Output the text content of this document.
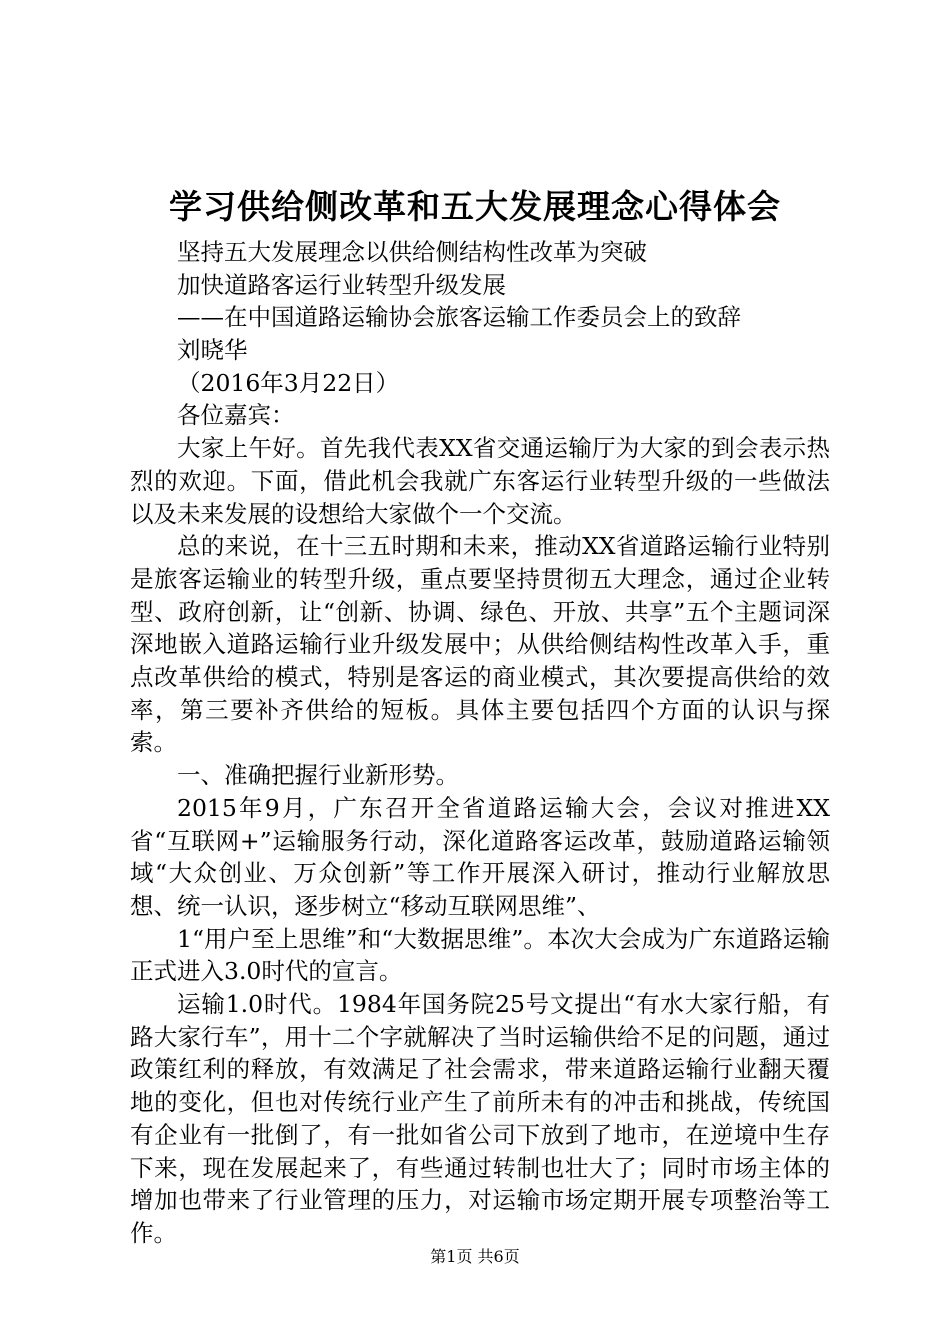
学习供给侧改革和五大发展理念心得体会
坚持五大发展理念以供给侧结构性改革为突破
加快道路客运行业转型升级发展
——在中国道路运输协会旅客运输工作委员会上的致辞
刘晓华
（2016年3月22日）
各位嘉宾：
大家上午好。首先我代表XX省交通运输厅为大家的到会表示热烈的欢迎。下面，借此机会我就广东客运行业转型升级的一些做法以及未来发展的设想给大家做个一个交流。
总的来说，在十三五时期和未来，推动XX省道路运输行业特别是旅客运输业的转型升级，重点要坚持贯彻五大理念，通过企业转型、政府创新，让“创新、协调、绿色、开放、共享”五个主题词深深地嵌入道路运输行业升级发展中；从供给侧结构性改革入手，重点改革供给的模式，特别是客运的商业模式，其次要提高供给的效率，第三要补齐供给的短板。具体主要包括四个方面的认识与探索。
一、准确把握行业新形势。
2015年9月，广东召开全省道路运输大会，会议对推进XX省“互联网+”运输服务行动，深化道路客运改革，鼓励道路运输领域“大众创业、万众创新”等工作开展深入研讨，推动行业解放思想、统一认识，逐步树立“移动互联网思维”、
1“用户至上思维”和“大数据思维”。本次大会成为广东道路运输正式进入3.0时代的宣言。
运输1.0时代。1984年国务院25号文提出“有水大家行船，有路大家行车”，用十二个字就解决了当时运输供给不足的问题，通过政策红利的释放，有效满足了社会需求，带来道路运输行业翻天覆地的变化，但也对传统行业产生了前所未有的冲击和挑战，传统国有企业有一批倒了，有一批如省公司下放到了地市，在逆境中生存下来，现在发展起来了，有些通过转制也壮大了；同时市场主体的增加也带来了行业管理的压力，对运输市场定期开展专项整治等工作。
第1页 共6页
